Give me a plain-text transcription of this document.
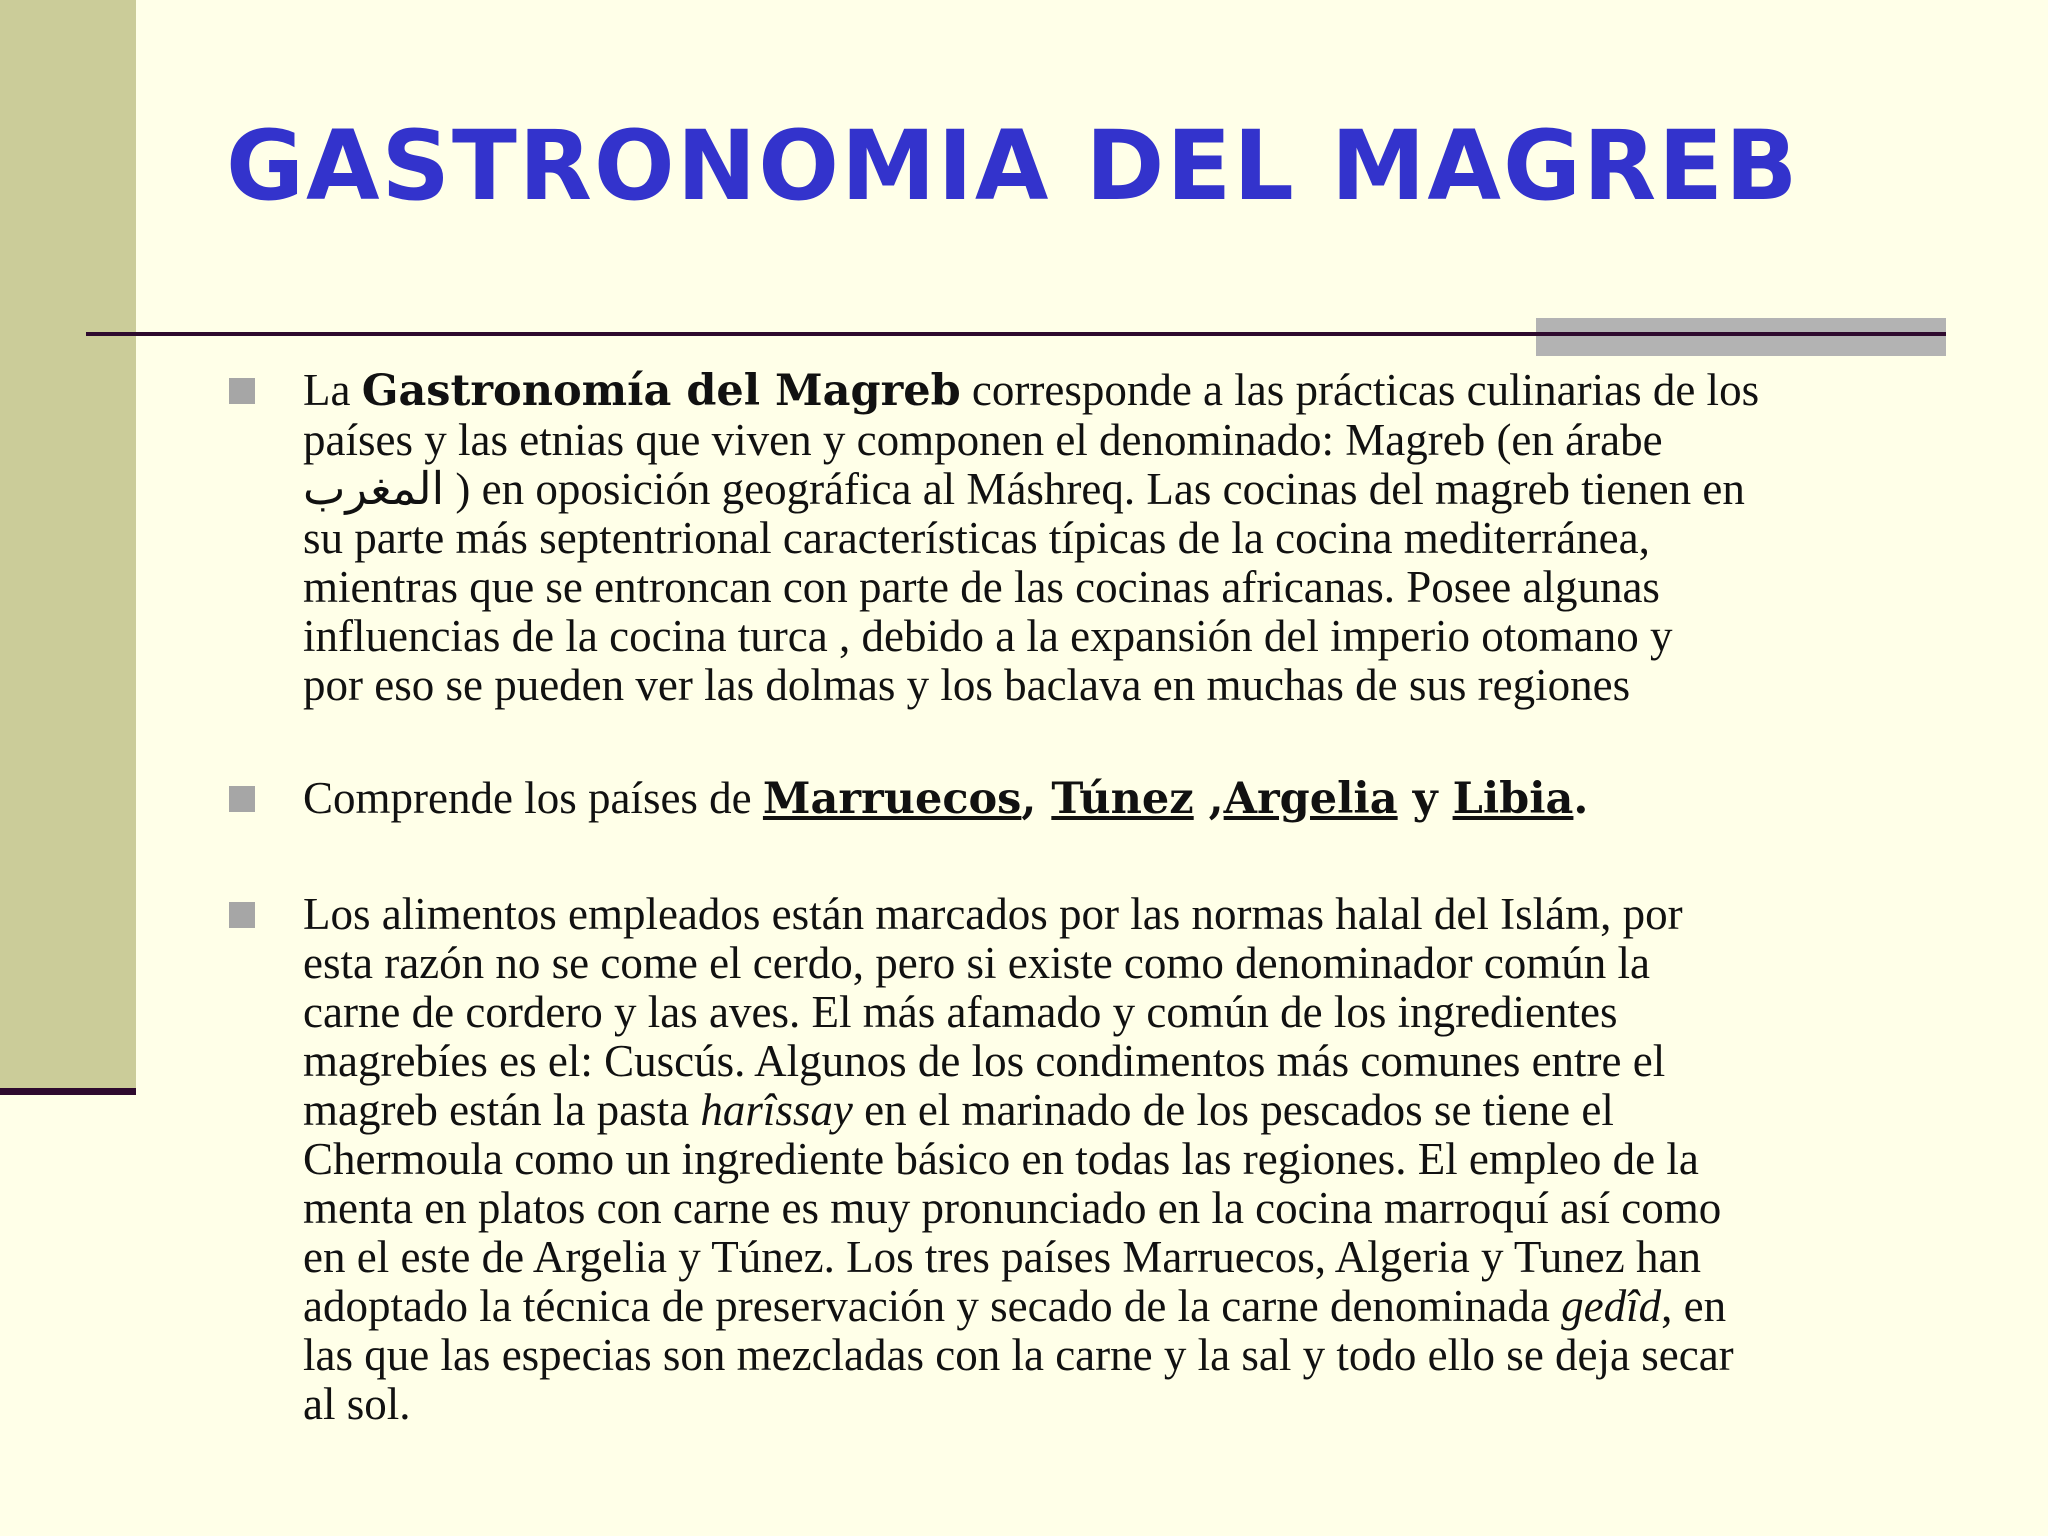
GASTRONOMIA DEL MAGREB
La Gastronomía del Magreb corresponde a las prácticas culinarias de los
países y las etnias que viven y componen el denominado: Magreb (en árabe
المغرب ) en oposición geográfica al Máshreq. Las cocinas del magreb tienen en
su parte más septentrional características típicas de la cocina mediterránea,
mientras que se entroncan con parte de las cocinas africanas. Posee algunas
influencias de la cocina turca , debido a la expansión del imperio otomano y
por eso se pueden ver las dolmas y los baclava en muchas de sus regiones
Comprende los países de Marruecos, Túnez ,Argelia y Libia.
Los alimentos empleados están marcados por las normas halal del Islám, por
esta razón no se come el cerdo, pero si existe como denominador común la
carne de cordero y las aves. El más afamado y común de los ingredientes
magrebíes es el: Cuscús. Algunos de los condimentos más comunes entre el
magreb están la pasta harîssay en el marinado de los pescados se tiene el
Chermoula como un ingrediente básico en todas las regiones. El empleo de la
menta en platos con carne es muy pronunciado en la cocina marroquí así como
en el este de Argelia y Túnez. Los tres países Marruecos, Algeria y Tunez han
adoptado la técnica de preservación y secado de la carne denominada gedîd, en
las que las especias son mezcladas con la carne y la sal y todo ello se deja secar
al sol.
